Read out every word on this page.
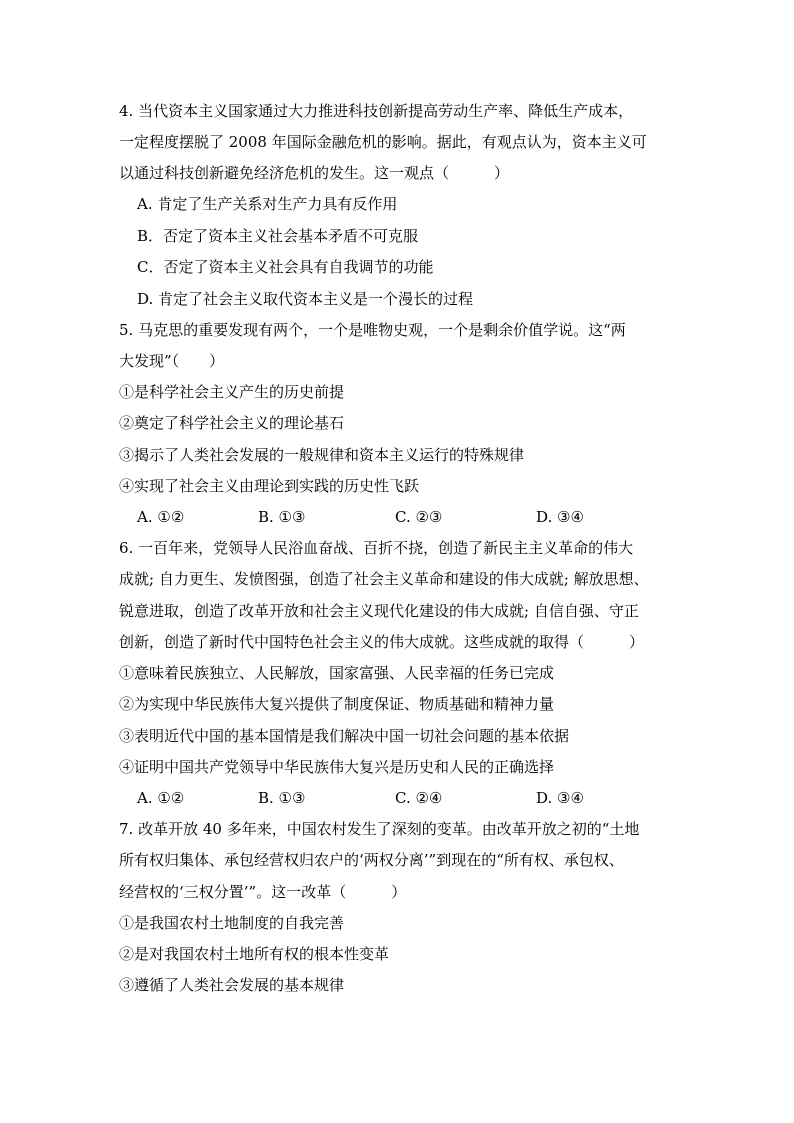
4. 当代资本主义国家通过大力推进科技创新提高劳动生产率、降低生产成本，
一定程度摆脱了 2008 年国际金融危机的影响。据此，有观点认为，资本主义可
以通过科技创新避免经济危机的发生。这一观点（　　　）
A. 肯定了生产关系对生产力具有反作用
B．否定了资本主义社会基本矛盾不可克服
C．否定了资本主义社会具有自我调节的功能
D. 肯定了社会主义取代资本主义是一个漫长的过程
5. 马克思的重要发现有两个，一个是唯物史观，一个是剩余价值学说。这“两
大发现”（　　）
①是科学社会主义产生的历史前提
②奠定了科学社会主义的理论基石
③揭示了人类社会发展的一般规律和资本主义运行的特殊规律
④实现了社会主义由理论到实践的历史性飞跃
A. ①②	B. ①③	C. ②③	D. ③④
6. 一百年来，党领导人民浴血奋战、百折不挠，创造了新民主主义革命的伟大
成就; 自力更生、发愤图强，创造了社会主义革命和建设的伟大成就; 解放思想、
锐意进取，创造了改革开放和社会主义现代化建设的伟大成就; 自信自强、守正
创新，创造了新时代中国特色社会主义的伟大成就。这些成就的取得（　　　）
①意味着民族独立、人民解放，国家富强、人民幸福的任务已完成
②为实现中华民族伟大复兴提供了制度保证、物质基础和精神力量
③表明近代中国的基本国情是我们解决中国一切社会问题的基本依据
④证明中国共产党领导中华民族伟大复兴是历史和人民的正确选择
A. ①②	B. ①③	C. ②④	D. ③④
7. 改革开放 40 多年来，中国农村发生了深刻的变革。由改革开放之初的“土地
所有权归集体、承包经营权归农户的‘两权分离’”到现在的“所有权、承包权、
经营权的‘三权分置’”。这一改革（　　　）
①是我国农村土地制度的自我完善
②是对我国农村土地所有权的根本性变革
③遵循了人类社会发展的基本规律
